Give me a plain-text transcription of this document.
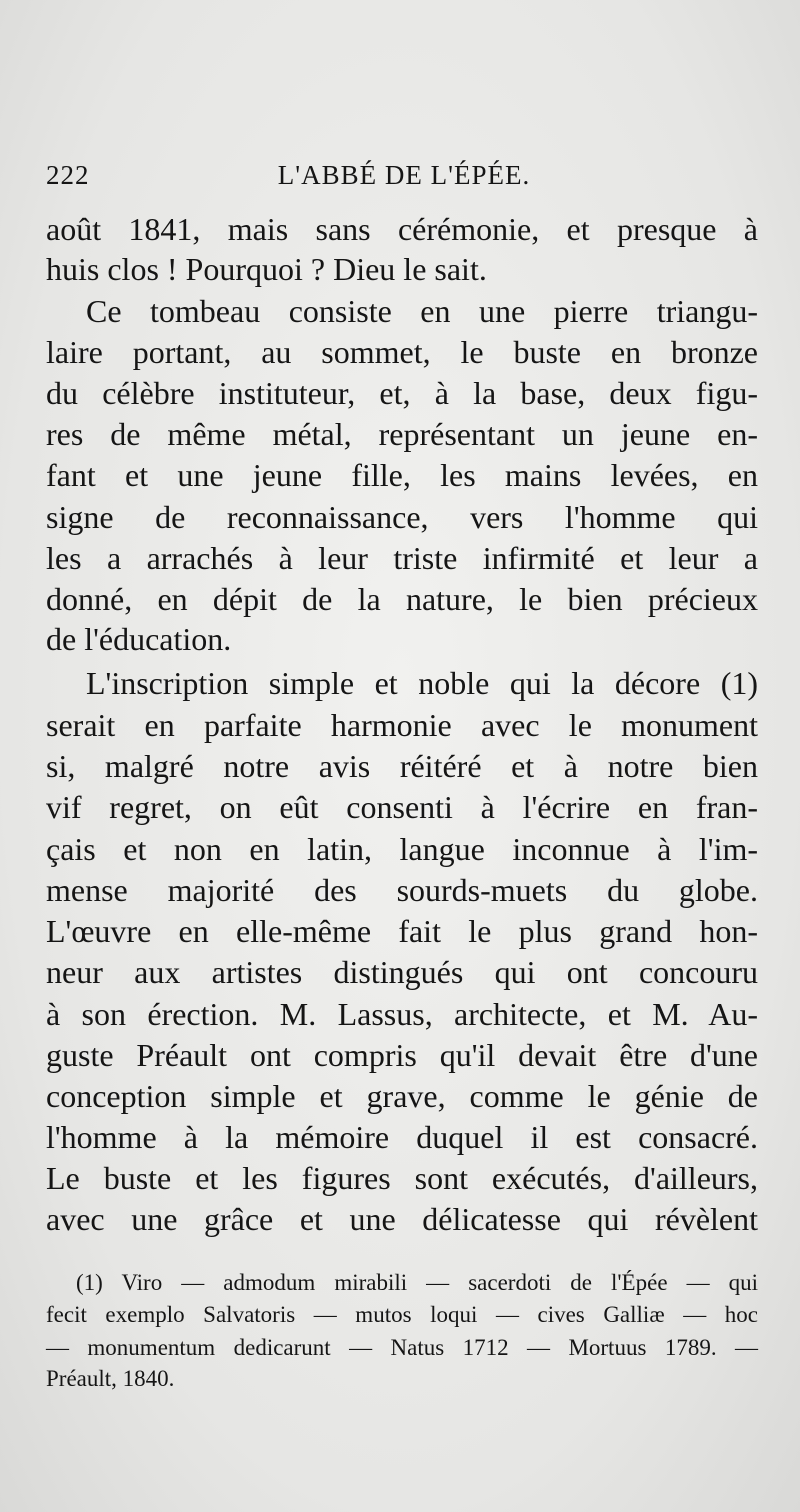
222	L'ABBÉ DE L'ÉPÉE.
août 1841, mais sans cérémonie, et presque à
huis clos ! Pourquoi ? Dieu le sait.
Ce tombeau consiste en une pierre triangu-
laire portant, au sommet, le buste en bronze
du célèbre instituteur, et, à la base, deux figu-
res de même métal, représentant un jeune en-
fant et une jeune fille, les mains levées, en
signe de reconnaissance, vers l'homme qui
les a arrachés à leur triste infirmité et leur a
donné, en dépit de la nature, le bien précieux
de l'éducation.
L'inscription simple et noble qui la décore (1)
serait en parfaite harmonie avec le monument
si, malgré notre avis réitéré et à notre bien
vif regret, on eût consenti à l'écrire en fran-
çais et non en latin, langue inconnue à l'im-
mense majorité des sourds-muets du globe.
L'œuvre en elle-même fait le plus grand hon-
neur aux artistes distingués qui ont concouru
à son érection. M. Lassus, architecte, et M. Au-
guste Préault ont compris qu'il devait être d'une
conception simple et grave, comme le génie de
l'homme à la mémoire duquel il est consacré.
Le buste et les figures sont exécutés, d'ailleurs,
avec une grâce et une délicatesse qui révèlent
(1) Viro — admodum mirabili — sacerdoti de l'Épée — qui
fecit exemplo Salvatoris — mutos loqui — cives Galliæ — hoc
— monumentum dedicarunt — Natus 1712 — Mortuus 1789. —
Préault, 1840.
